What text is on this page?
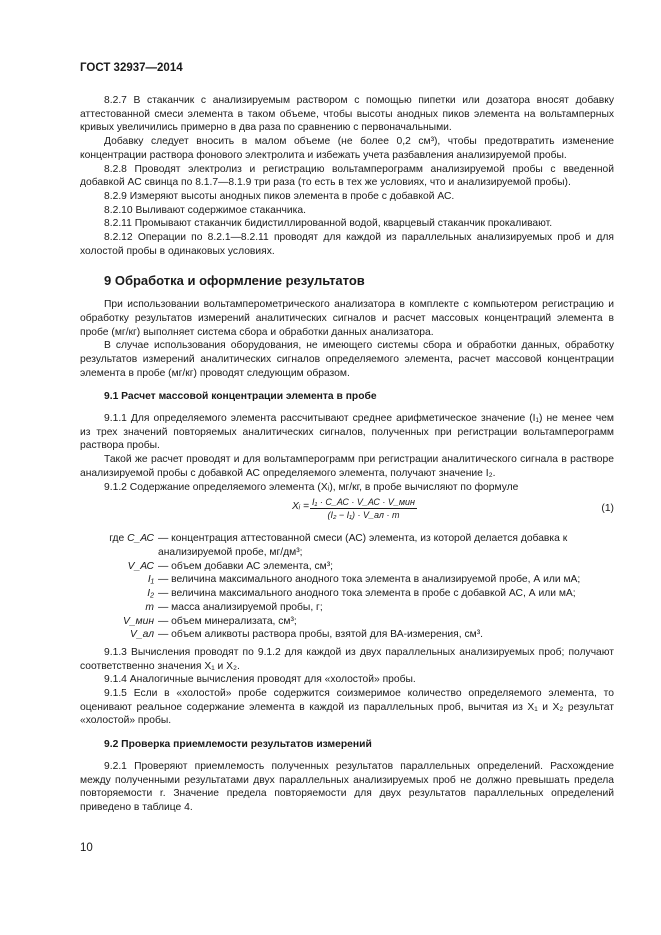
ГОСТ 32937—2014

8.2.7 В стаканчик с анализируемым раствором с помощью пипетки или дозатора вносят добавку аттестованной смеси элемента в таком объеме, чтобы высоты анодных пиков элемента на вольтамперных кривых увеличились примерно в два раза по сравнению с первоначальными.

Добавку следует вносить в малом объеме (не более 0,2 см³), чтобы предотвратить изменение концентрации раствора фонового электролита и избежать учета разбавления анализируемой пробы.

8.2.8 Проводят электролиз и регистрацию вольтамперограмм анализируемой пробы с введенной добавкой АС свинца по 8.1.7—8.1.9 три раза (то есть в тех же условиях, что и анализируемой пробы).

8.2.9 Измеряют высоты анодных пиков элемента в пробе с добавкой АС.

8.2.10 Выливают содержимое стаканчика.

8.2.11 Промывают стаканчик бидистиллированной водой, кварцевый стаканчик прокаливают.

8.2.12 Операции по 8.2.1—8.2.11 проводят для каждой из параллельных анализируемых проб и для холостой пробы в одинаковых условиях.

9 Обработка и оформление результатов

При использовании вольтамперометрического анализатора в комплекте с компьютером регистрацию и обработку результатов измерений аналитических сигналов и расчет массовых концентраций элемента в пробе (мг/кг) выполняет система сбора и обработки данных анализатора.

В случае использования оборудования, не имеющего системы сбора и обработки данных, обработку результатов измерений аналитических сигналов определяемого элемента, расчет массовой концентрации элемента в пробе (мг/кг) проводят следующим образом.

9.1 Расчет массовой концентрации элемента в пробе

9.1.1 Для определяемого элемента рассчитывают среднее арифметическое значение (I₁) не менее чем из трех значений повторяемых аналитических сигналов, полученных при регистрации вольтамперограмм раствора пробы.

Такой же расчет проводят и для вольтамперограмм при регистрации аналитического сигнала в растворе анализируемой пробы с добавкой АС определяемого элемента, получают значение I₂.

9.1.2 Содержание определяемого элемента (Xᵢ), мг/кг, в пробе вычисляют по формуле

Xᵢ = I₁ · C_АС · V_АС · V_мин
(I₂ − I₁) · V_ал · m
(1)
где C_АС — концентрация аттестованной смеси (АС) элемента, из которой делается добавка к анализируемой пробе, мг/дм³;
V_АС — объем добавки АС элемента, см³;
I₁ — величина максимального анодного тока элемента в анализируемой пробе, А или мА;
I₂ — величина максимального анодного тока элемента в пробе с добавкой АС, А или мА;
m — масса анализируемой пробы, г;
V_мин — объем минерализата, см³;
V_ал — объем аликвоты раствора пробы, взятой для ВА-измерения, см³.

9.1.3 Вычисления проводят по 9.1.2 для каждой из двух параллельных анализируемых проб; получают соответственно значения X₁ и X₂.

9.1.4 Аналогичные вычисления проводят для «холостой» пробы.

9.1.5 Если в «холостой» пробе содержится соизмеримое количество определяемого элемента, то оценивают реальное содержание элемента в каждой из параллельных проб, вычитая из X₁ и X₂ результат «холостой» пробы.

9.2 Проверка приемлемости результатов измерений

9.2.1 Проверяют приемлемость полученных результатов параллельных определений. Расхождение между полученными результатами двух параллельных анализируемых проб не должно превышать предела повторяемости r. Значение предела повторяемости для двух результатов параллельных определений приведено в таблице 4.

10
